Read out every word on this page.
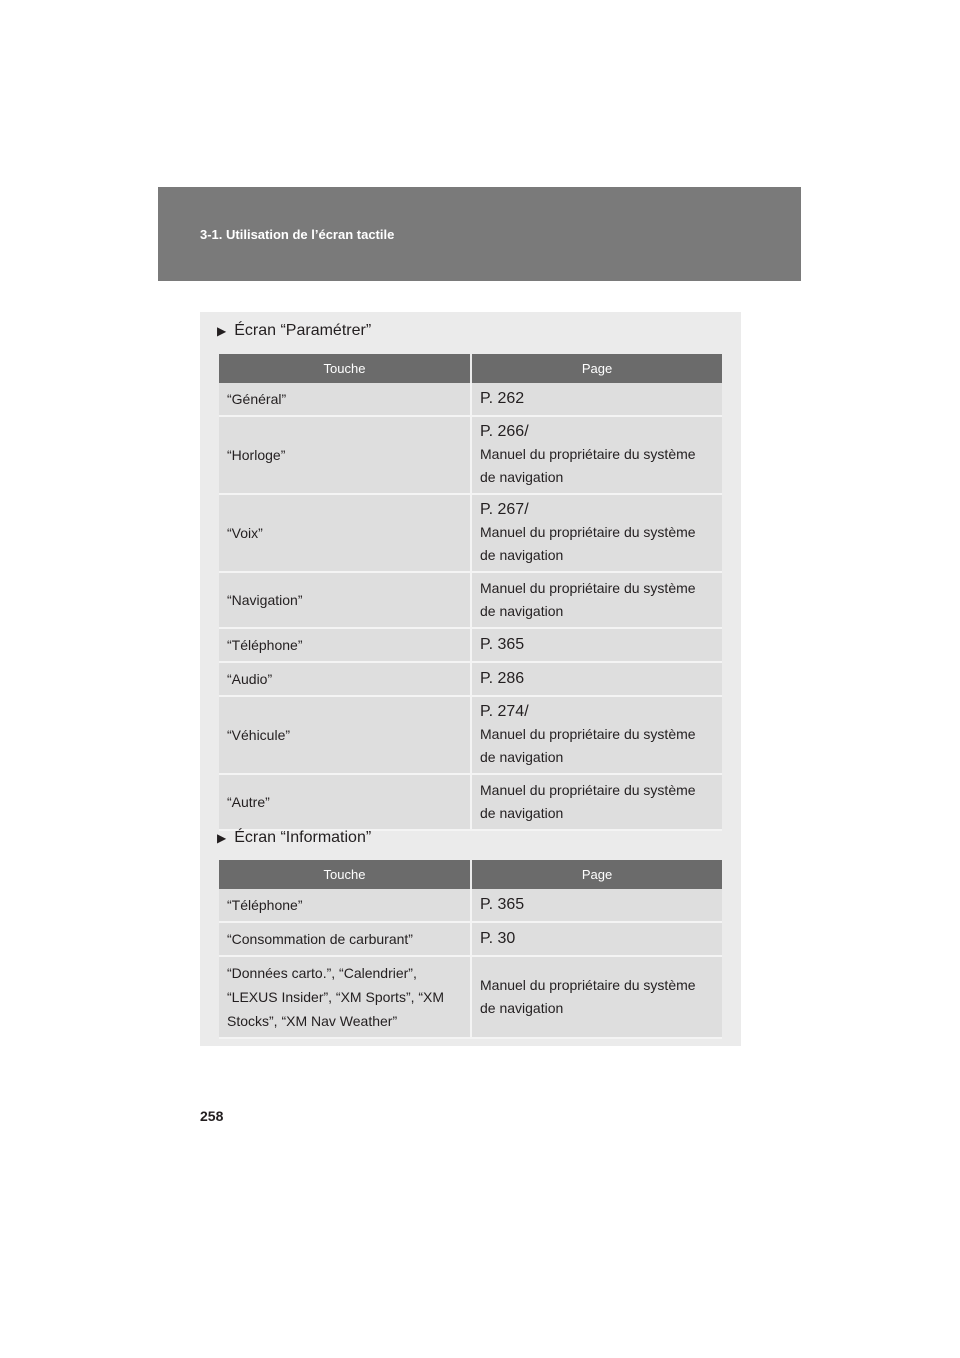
3-1. Utilisation de l’écran tactile
▶ Écran “Paramétrer”
Touche	Page
“Général”	P. 262

“Horloge”	P. 266/
Manuel du propriétaire du système de navigation

“Voix”	P. 267/
Manuel du propriétaire du système de navigation

“Navigation”	Manuel du propriétaire du système de navigation

“Téléphone”	P. 365

“Audio”	P. 286

“Véhicule”	P. 274/
Manuel du propriétaire du système de navigation

“Autre”	Manuel du propriétaire du système de navigation
▶ Écran “Information”
Touche	Page
“Téléphone”	P. 365

“Consommation de carburant”	P. 30

“Données carto.”, “Calendrier”, “LEXUS Insider”, “XM Sports”, “XM Stocks”, “XM Nav Weather”	Manuel du propriétaire du système de navigation
258
